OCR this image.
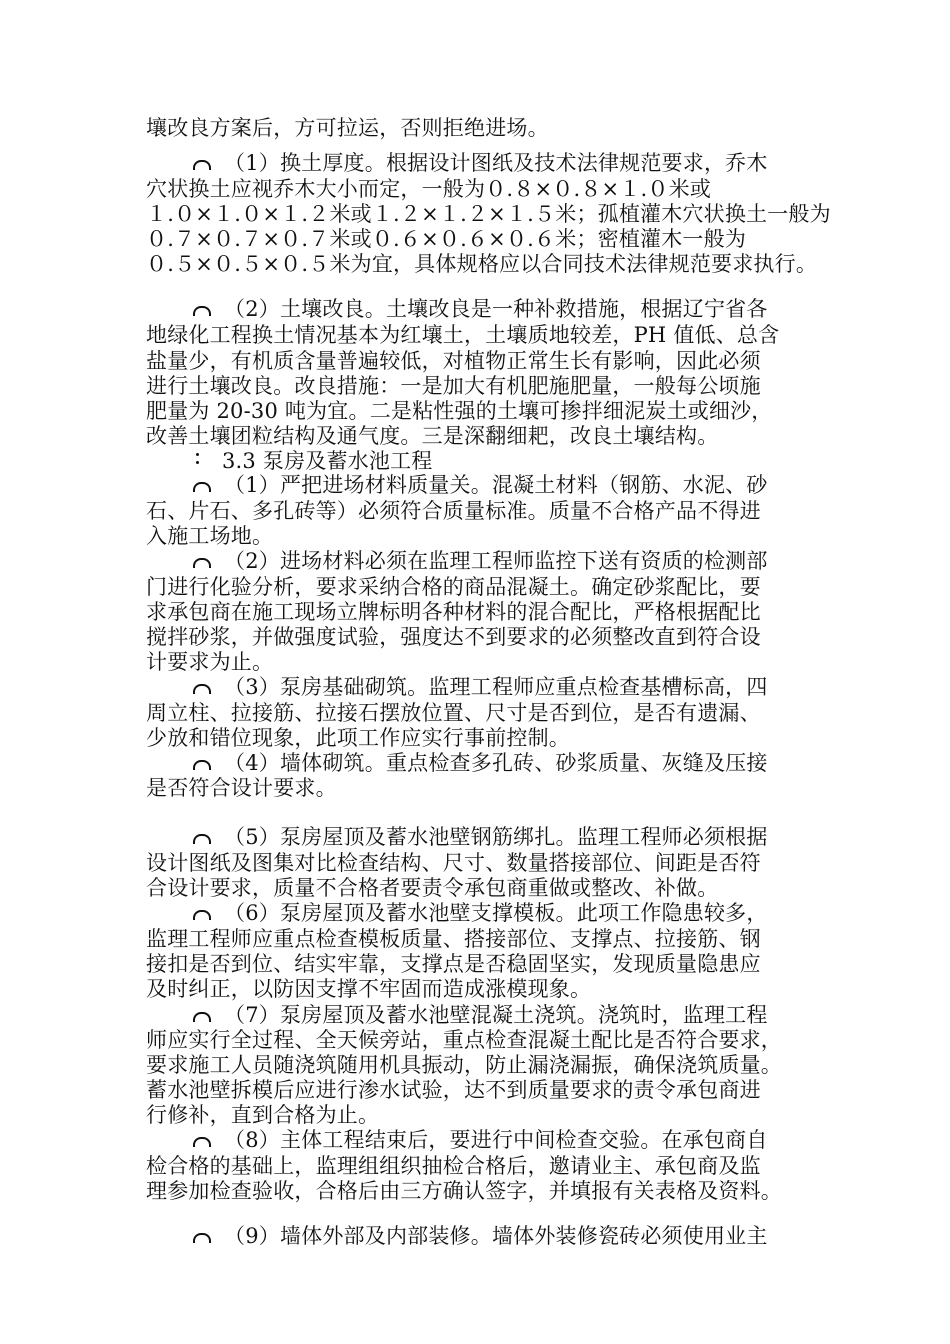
壤改良方案后，方可拉运，否则拒绝进场。
（1）换土厚度。根据设计图纸及技术法律规范要求，乔木
穴状换土应视乔木大小而定，一般为０.８×０.８×１.０米或
１.０×１.０×１.２米或１.２×１.２×１.５米；孤植灌木穴状换土一般为
０.７×０.７×０.７米或０.６×０.６×０.６米；密植灌木一般为
０.５×０.５×０.５米为宜，具体规格应以合同技术法律规范要求执行。
（2）土壤改良。土壤改良是一种补救措施，根据辽宁省各
地绿化工程换土情况基本为红壤土，土壤质地较差，PH 值低、总含
盐量少，有机质含量普遍较低，对植物正常生长有影响，因此必须
进行土壤改良。改良措施：一是加大有机肥施肥量，一般每公顷施
肥量为 20-30 吨为宜。二是粘性强的土壤可掺拌细泥炭土或细沙，
改善土壤团粒结构及通气度。三是深翻细耙，改良土壤结构。
3.3 泵房及蓄水池工程
（1）严把进场材料质量关。混凝土材料（钢筋、水泥、砂
石、片石、多孔砖等）必须符合质量标准。质量不合格产品不得进
入施工场地。
（2）进场材料必须在监理工程师监控下送有资质的检测部
门进行化验分析，要求采纳合格的商品混凝土。确定砂浆配比，要
求承包商在施工现场立牌标明各种材料的混合配比，严格根据配比
搅拌砂浆，并做强度试验，强度达不到要求的必须整改直到符合设
计要求为止。
（3）泵房基础砌筑。监理工程师应重点检查基槽标高，四
周立柱、拉接筋、拉接石摆放位置、尺寸是否到位，是否有遗漏、
少放和错位现象，此项工作应实行事前控制。
（4）墙体砌筑。重点检查多孔砖、砂浆质量、灰缝及压接
是否符合设计要求。
（5）泵房屋顶及蓄水池壁钢筋绑扎。监理工程师必须根据
设计图纸及图集对比检查结构、尺寸、数量搭接部位、间距是否符
合设计要求，质量不合格者要责令承包商重做或整改、补做。
（6）泵房屋顶及蓄水池壁支撑模板。此项工作隐患较多，
监理工程师应重点检查模板质量、搭接部位、支撑点、拉接筋、钢
接扣是否到位、结实牢靠，支撑点是否稳固坚实，发现质量隐患应
及时纠正，以防因支撑不牢固而造成涨模现象。
（7）泵房屋顶及蓄水池壁混凝土浇筑。浇筑时，监理工程
师应实行全过程、全天候旁站，重点检查混凝土配比是否符合要求，
要求施工人员随浇筑随用机具振动，防止漏浇漏振，确保浇筑质量。
蓄水池壁拆模后应进行渗水试验，达不到质量要求的责令承包商进
行修补，直到合格为止。
（8）主体工程结束后，要进行中间检查交验。在承包商自
检合格的基础上，监理组组织抽检合格后，邀请业主、承包商及监
理参加检查验收，合格后由三方确认签字，并填报有关表格及资料。
（9）墙体外部及内部装修。墙体外装修瓷砖必须使用业主
